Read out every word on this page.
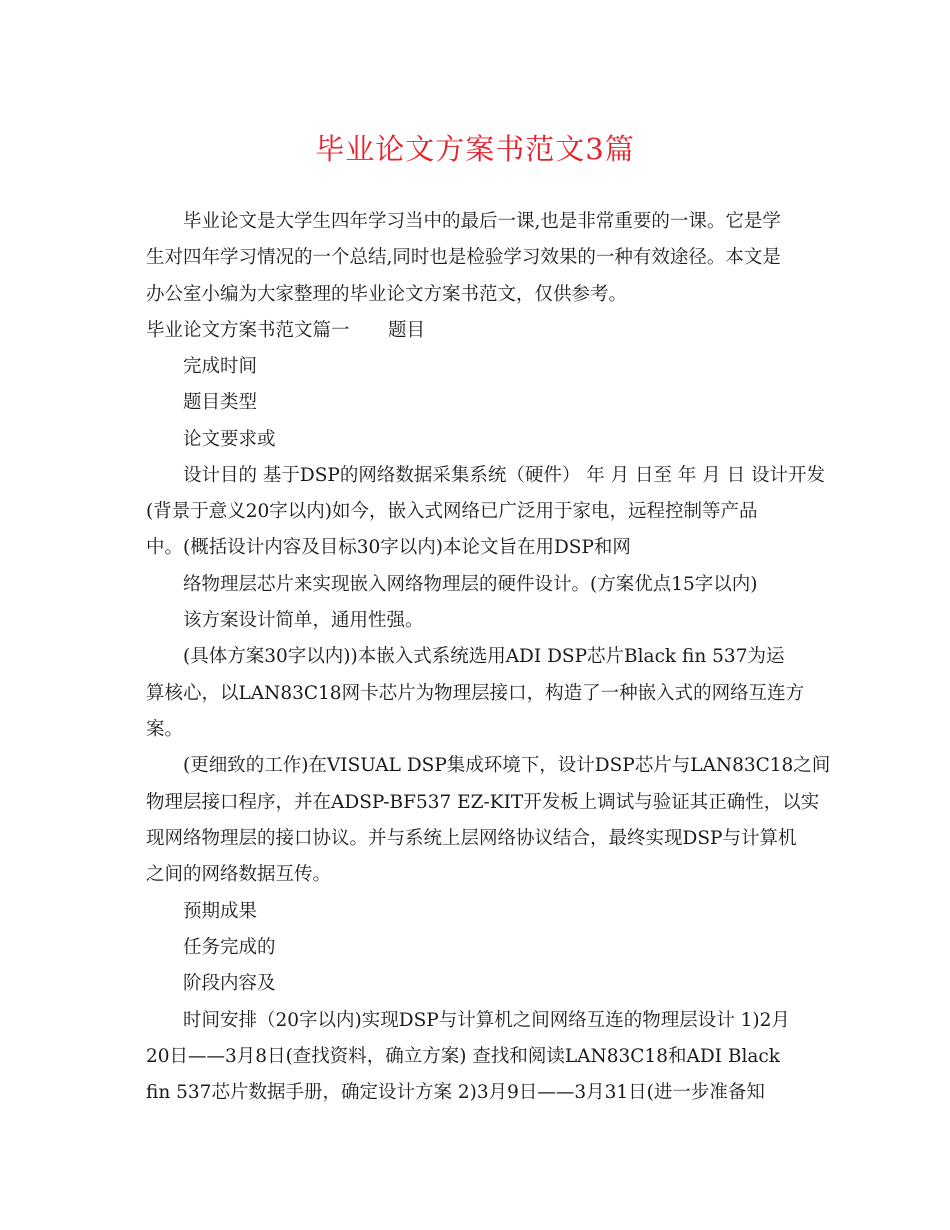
毕业论文方案书范文3篇
毕业论文是大学生四年学习当中的最后一课,也是非常重要的一课。它是学
生对四年学习情况的一个总结,同时也是检验学习效果的一种有效途径。本文是
办公室小编为大家整理的毕业论文方案书范文，仅供参考。
毕业论文方案书范文篇一 题目
完成时间
题目类型
论文要求或
设计目的 基于DSP的网络数据采集系统（硬件） 年 月 日至 年 月 日 设计开发
(背景于意义20字以内)如今，嵌入式网络已广泛用于家电，远程控制等产品
中。(概括设计内容及目标30字以内)本论文旨在用DSP和网
络物理层芯片来实现嵌入网络物理层的硬件设计。(方案优点15字以内)
该方案设计简单，通用性强。
(具体方案30字以内))本嵌入式系统选用ADI DSP芯片Black fin 537为运
算核心，以LAN83C18网卡芯片为物理层接口，构造了一种嵌入式的网络互连方
案。
(更细致的工作)在VISUAL DSP集成环境下，设计DSP芯片与LAN83C18之间
物理层接口程序，并在ADSP-BF537 EZ-KIT开发板上调试与验证其正确性，以实
现网络物理层的接口协议。并与系统上层网络协议结合，最终实现DSP与计算机
之间的网络数据互传。
预期成果
任务完成的
阶段内容及
时间安排（20字以内)实现DSP与计算机之间网络互连的物理层设计 1)2月
20日——3月8日(查找资料，确立方案) 查找和阅读LAN83C18和ADI Black
fin 537芯片数据手册，确定设计方案 2)3月9日——3月31日(进一步准备知
